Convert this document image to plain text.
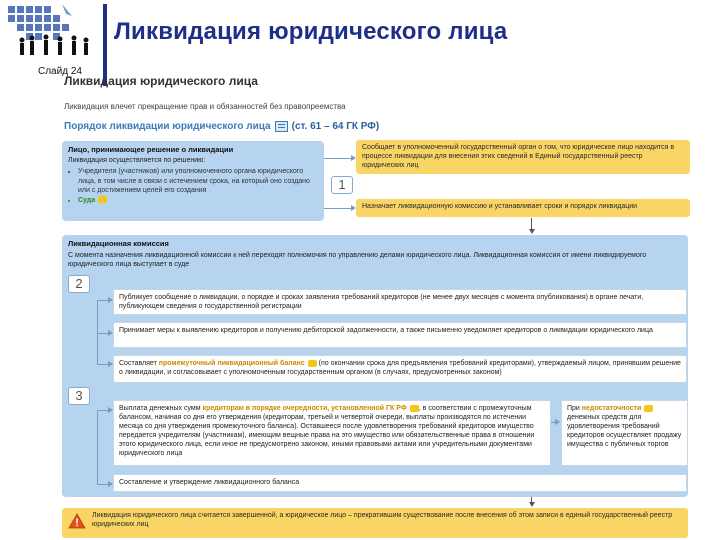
Ликвидация юридического лица
Слайд 24
Ликвидация юридического лица
Ликвидация влечет прекращение прав и обязанностей без правопреемства
Порядок ликвидации юридического лица (ст. 61 – 64 ГК РФ)
Лицо, принимающее решение о ликвидации
Ликвидация осуществляется по решению:
• Учредителя (участников) или уполномоченного органа юридического лица, в том числе в связи с истечением срока, на который оно создано или с достижением целей его создания
• Суда
1
Сообщает в уполномоченный государственный орган о том, что юридическое лицо находится в процессе ликвидации для внесения этих сведений в Единый государственный реестр юридических лиц
Назначает ликвидационную комиссию и устанавливает сроки и порядок ликвидации
Ликвидационная комиссия
С момента назначения ликвидационной комиссии к ней переходят полномочия по управлению делами юридического лица. Ликвидационная комиссия от имени ликвидируемого юридического лица выступает в суде
2
3
Публикует сообщение о ликвидации, о порядке и сроках заявления требований кредиторов (не менее двух месяцев с момента опубликования) в органе печати, публикующем сведения о государственной регистрации
Принимает меры к выявлению кредиторов и получению дебиторской задолженности, а также письменно уведомляет кредиторов о ликвидации юридического лица
Составляет промежуточный ликвидационный баланс (по окончании срока для предъявления требований кредиторами), утверждаемый лицом, принявшим решение о ликвидации, и согласовывает с уполномоченным государственным органом (в случаях, предусмотренных законом)
Выплата денежных сумм кредиторам в порядке очередности, установленной ГК РФ , в соответствии с промежуточным балансом, начиная со дня его утверждения (кредиторам, третьей и четвертой очереди, выплаты производятся по истечении месяца со дня утверждения промежуточного баланса). Оставшееся после удовлетворения требований кредиторов имущество передается учредителям (участникам), имеющим вещные права на это имущество или обязательственные права в отношении этого юридического лица, если иное не предусмотрено законом, иными правовыми актами или учредительными документами юридического лица
При недостаточности денежных средств для удовлетворения требований кредиторов осуществляет продажу имущества с публичных торгов
Составление и утверждение ликвидационного баланса
Ликвидация юридического лица считается завершенной, а юридическое лицо – прекратившим существование после внесения об этом записи в единый государственный реестр юридических лиц
